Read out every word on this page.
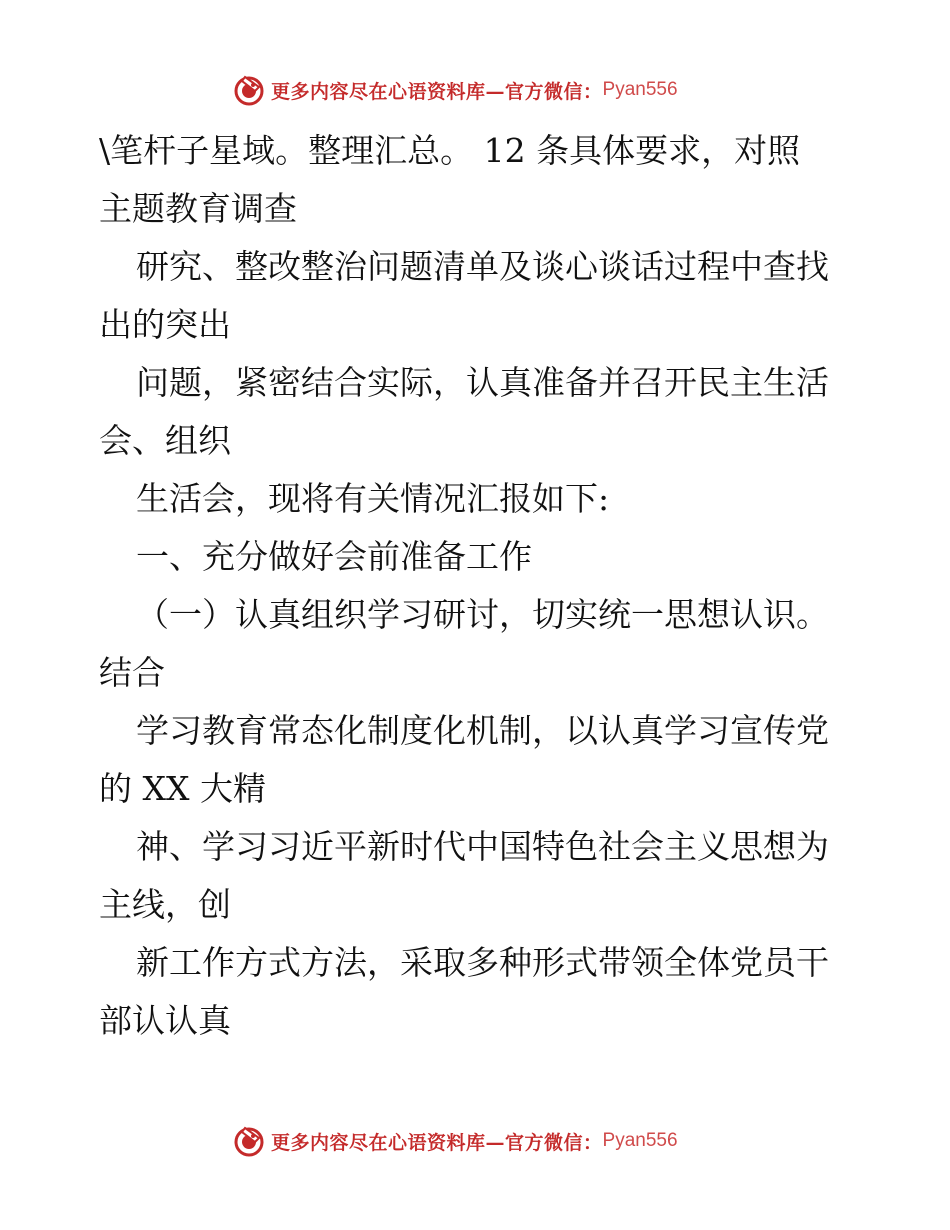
更多内容尽在心语资料库—官方微信： Pyan556
\笔杆子星域。整理汇总。 12 条具体要求，对照
主题教育调查
研究、整改整治问题清单及谈心谈话过程中查找
出的突出
问题，紧密结合实际，认真准备并召开民主生活
会、组织
生活会，现将有关情况汇报如下:
一、充分做好会前准备工作
（一）认真组织学习研讨，切实统一思想认识。
结合
学习教育常态化制度化机制，以认真学习宣传党
的 XX 大精
神、学习习近平新时代中国特色社会主义思想为
主线，创
新工作方式方法，采取多种形式带领全体党员干
部认认真
更多内容尽在心语资料库—官方微信： Pyan556
